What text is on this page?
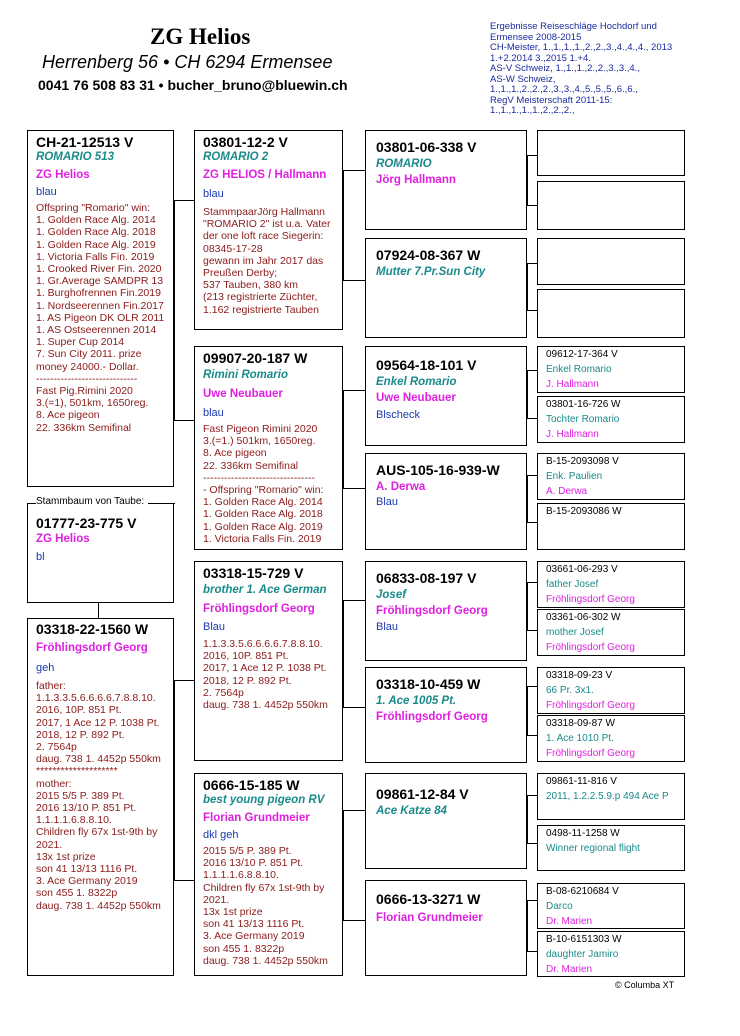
ZG Helios
Herrenberg 56 • CH 6294 Ermensee
0041 76 508 83 31 • bucher_bruno@bluewin.ch
Ergebnisse Reiseschläge Hochdorf und
Ermensee 2008-2015
CH-Meister, 1.,1.,1.,1.,2.,2.,3.,4.,4.,4., 2013
1.+2.2014 3.,2015 1.+4.
AS-V Schweiz, 1.,1.,1.,2.,2.,3.,3.,4.,
AS-W Schweiz,
1.,1.,1.,2.,2.,2.,3.,3.,4.,5.,5.,5.,6.,6.,
RegV Meisterschaft 2011-15:
1.,1.,1.,1.,1.,2.,2.,2.,
CH-21-12513 V
ROMARIO 513
ZG Helios
blau
Offspring "Romario" win:
1. Golden Race Alg. 2014
1. Golden Race Alg. 2018
1. Golden Race Alg. 2019
1. Victoria Falls Fin. 2019
1. Crooked River Fin. 2020
1. Gr.Average SAMDPR 13
1. Burghofrennen Fin.2019
1. Nordseerennen Fin.2017
1. AS Pigeon DK OLR 2011
1. AS Ostseerennen 2014
1. Super Cup 2014
7. Sun City 2011. prize
money 24000.- Dollar.
-----------------------------
Fast Pig.Rimini 2020
3.(=1), 501km, 1650reg.
8. Ace pigeon
22. 336km Semifinal
Stammbaum von Taube:
01777-23-775 V
ZG Helios
bl
03318-22-1560 W
Fröhlingsdorf Georg
geh
father:
1.1.3.3.5.6.6.6.6.7.8.8.10.
2016, 10P. 851 Pt.
2017, 1 Ace 12 P. 1038 Pt.
2018, 12 P. 892 Pt.
2. 7564p
daug. 738 1. 4452p 550km
********************
mother:
2015 5/5 P. 389 Pt.
2016 13/10 P. 851 Pt.
1.1.1.1.6.8.8.10.
Children fly 67x 1st-9th by
2021.
13x 1st prize
son 41 13/13 1116 Pt.
3. Ace Germany 2019
son 455 1. 8322p
daug. 738 1. 4452p 550km
03801-12-2 V
ROMARIO 2
ZG HELIOS / Hallmann
blau
StammpaarJörg Hallmann
"ROMARIO 2" ist u.a. Vater
der one loft race Siegerin:
08345-17-28
gewann im Jahr 2017 das
Preußen Derby;
537 Tauben, 380 km
(213 registrierte Züchter,
1.162 registrierte Tauben
09907-20-187 W
Rimini Romario
Uwe Neubauer
blau
Fast Pigeon Rimini 2020
3.(=1.) 501km, 1650reg.
8. Ace pigeon
22. 336km Semifinal
--------------------------------
- Offspring "Romario" win:
1. Golden Race Alg. 2014
1. Golden Race Alg. 2018
1. Golden Race Alg. 2019
1. Victoria Falls Fin. 2019
03318-15-729 V
brother 1. Ace German
Fröhlingsdorf Georg
Blau
1.1.3.3.5.6.6.6.6.7.8.8.10.
2016, 10P. 851 Pt.
2017, 1 Ace 12 P. 1038 Pt.
2018, 12 P. 892 Pt.
2. 7564p
daug. 738 1. 4452p 550km
0666-15-185 W
best young pigeon RV
Florian Grundmeier
dkl geh
2015 5/5 P. 389 Pt.
2016 13/10 P. 851 Pt.
1.1.1.1.6.8.8.10.
Children fly 67x 1st-9th by
2021.
13x 1st prize
son 41 13/13 1116 Pt.
3. Ace Germany 2019
son 455 1. 8322p
daug. 738 1. 4452p 550km
03801-06-338 V
ROMARIO
Jörg Hallmann
07924-08-367 W
Mutter 7.Pr.Sun City
09564-18-101 V
Enkel Romario
Uwe Neubauer
Blscheck
AUS-105-16-939-W
A. Derwa
Blau
06833-08-197 V
Josef
Fröhlingsdorf Georg
Blau
03318-10-459 W
1. Ace 1005 Pt.
Fröhlingsdorf Georg
09861-12-84 V
Ace Katze 84
0666-13-3271 W
Florian Grundmeier
09612-17-364 V
Enkel Romario
J. Hallmann
03801-16-726 W
Tochter Romario
J. Hallmann
B-15-2093098 V
Enk. Paulien
A. Derwa
B-15-2093086 W
03661-06-293 V
father Josef
Fröhlingsdorf Georg
03361-06-302 W
mother Josef
Fröhlingsdorf Georg
03318-09-23 V
66 Pr. 3x1.
Fröhlingsdorf Georg
03318-09-87 W
1. Ace 1010 Pt.
Fröhlingsdorf Georg
09861-11-816 V
2011, 1.2.2.5.9.p 494 Ace P
0498-11-1258 W
Winner regional flight
B-08-6210684 V
Darco
Dr. Marien
B-10-6151303 W
daughter Jamiro
Dr. Marien
© Columba XT
